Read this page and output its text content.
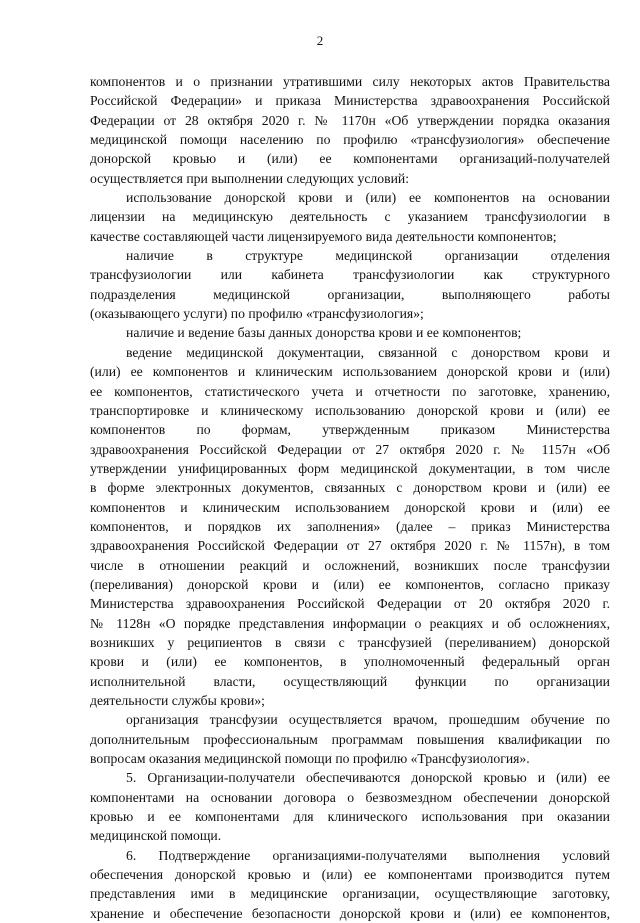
2
компонентов и о признании утратившими силу некоторых актов Правительства
Российской Федерации» и приказа Министерства здравоохранения Российской
Федерации от 28 октября 2020 г. № 1170н «Об утверждении порядка оказания
медицинской помощи населению по профилю «трансфузиология» обеспечение
донорской кровью и (или) ее компонентами организаций-получателей
осуществляется при выполнении следующих условий:
использование донорской крови и (или) ее компонентов на основании
лицензии на медицинскую деятельность с указанием трансфузиологии в
качестве составляющей части лицензируемого вида деятельности компонентов;
наличие в структуре медицинской организации отделения
трансфузиологии или кабинета трансфузиологии как структурного
подразделения медицинской организации, выполняющего работы
(оказывающего услуги) по профилю «трансфузиология»;
наличие и ведение базы данных донорства крови и ее компонентов;
ведение медицинской документации, связанной с донорством крови и
(или) ее компонентов и клиническим использованием донорской крови и (или)
ее компонентов, статистического учета и отчетности по заготовке, хранению,
транспортировке и клиническому использованию донорской крови и (или) ее
компонентов по формам, утвержденным приказом Министерства
здравоохранения Российской Федерации от 27 октября 2020 г. № 1157н «Об
утверждении унифицированных форм медицинской документации, в том числе
в форме электронных документов, связанных с донорством крови и (или) ее
компонентов и клиническим использованием донорской крови и (или) ее
компонентов, и порядков их заполнения» (далее – приказ Министерства
здравоохранения Российской Федерации от 27 октября 2020 г. № 1157н), в том
числе в отношении реакций и осложнений, возникших после трансфузии
(переливания) донорской крови и (или) ее компонентов, согласно приказу
Министерства здравоохранения Российской Федерации от 20 октября 2020 г.
№ 1128н «О порядке представления информации о реакциях и об осложнениях,
возникших у реципиентов в связи с трансфузией (переливанием) донорской
крови и (или) ее компонентов, в уполномоченный федеральный орган
исполнительной власти, осуществляющий функции по организации
деятельности службы крови»;
организация трансфузии осуществляется врачом, прошедшим обучение по
дополнительным профессиональным программам повышения квалификации по
вопросам оказания медицинской помощи по профилю «Трансфузиология».
5. Организации-получатели обеспечиваются донорской кровью и (или) ее
компонентами на основании договора о безвозмездном обеспечении донорской
кровью и ее компонентами для клинического использования при оказании
медицинской помощи.
6. Подтверждение организациями-получателями выполнения условий
обеспечения донорской кровью и (или) ее компонентами производится путем
представления ими в медицинские организации, осуществляющие заготовку,
хранение и обеспечение безопасности донорской крови и (или) ее компонентов,
